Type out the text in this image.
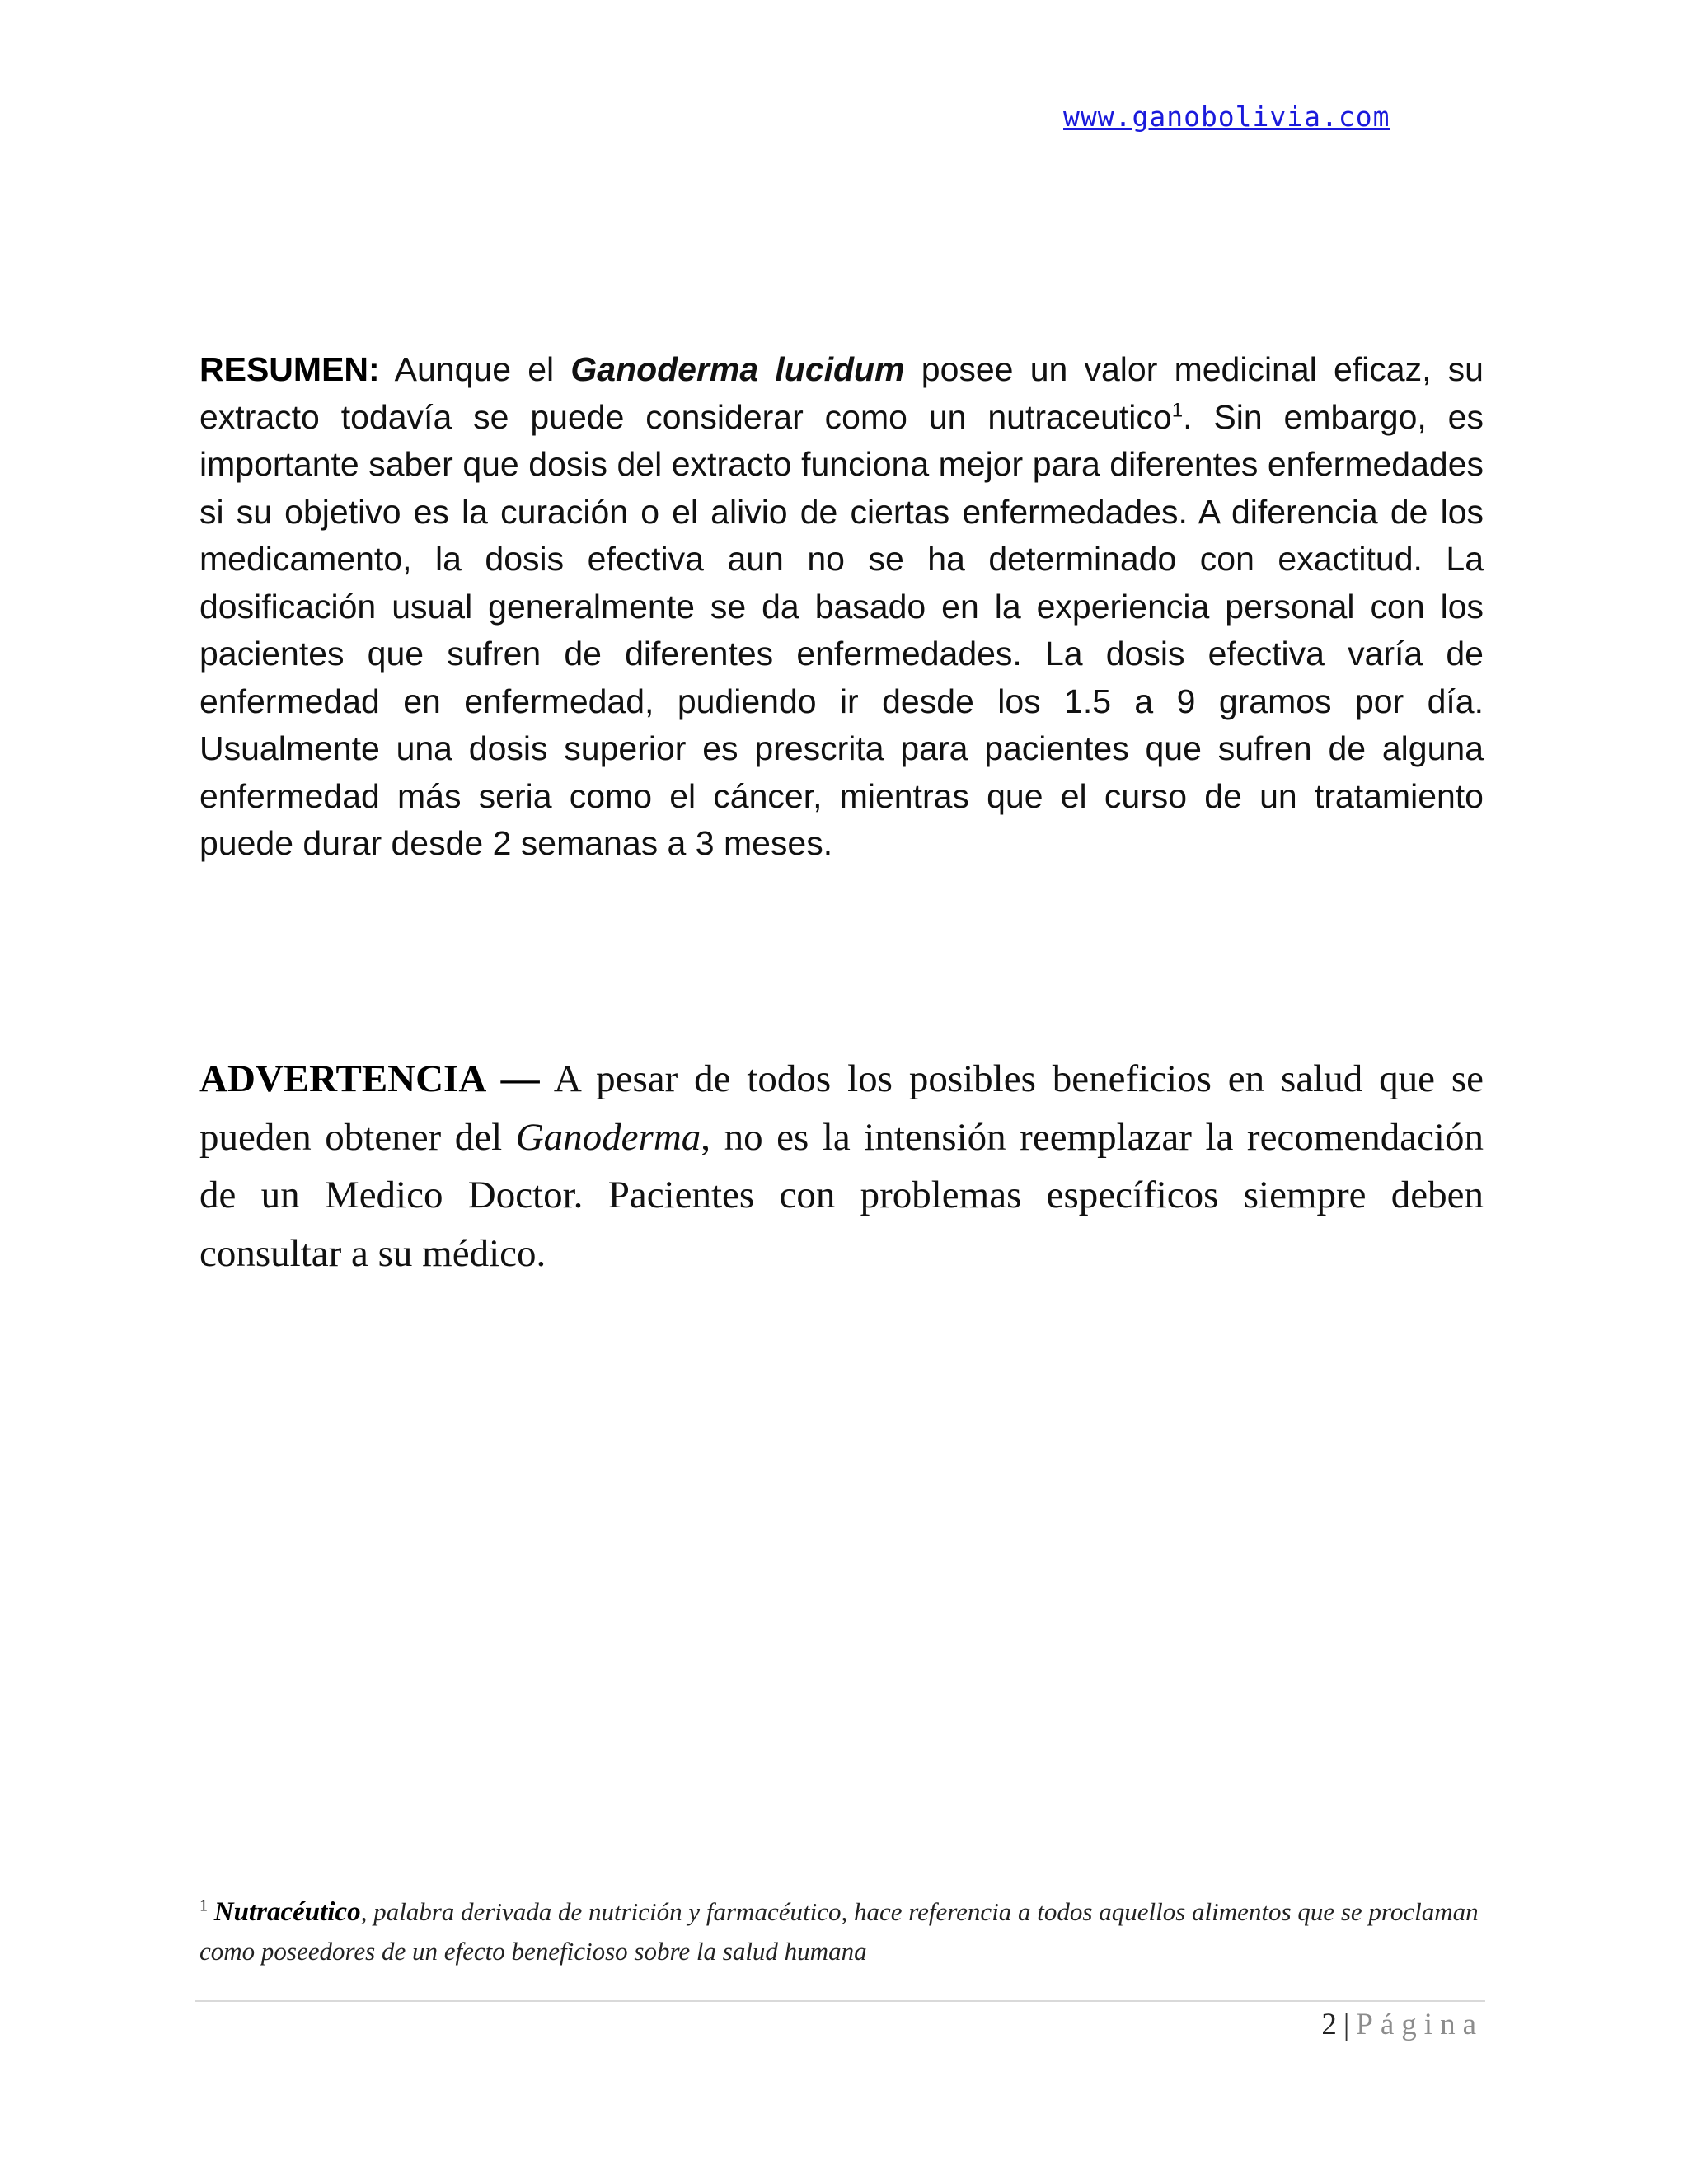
www.ganobolivia.com

RESUMEN: Aunque el Ganoderma lucidum posee un valor medicinal eficaz, su extracto todavía se puede considerar como un nutraceutico$^1$. Sin embargo, es importante saber que dosis del extracto funciona mejor para diferentes enfermedades si su objetivo es la curación o el alivio de ciertas enfermedades. A diferencia de los medicamento, la dosis efectiva aun no se ha determinado con exactitud. La dosificación usual generalmente se da basado en la experiencia personal con los pacientes que sufren de diferentes enfermedades. La dosis efectiva varía de enfermedad en enfermedad, pudiendo ir desde los 1.5 a 9 gramos por día. Usualmente una dosis superior es prescrita para pacientes que sufren de alguna enfermedad más seria como el cáncer, mientras que el curso de un tratamiento puede durar desde 2 semanas a 3 meses.

ADVERTENCIA — A pesar de todos los posibles beneficios en salud que se pueden obtener del Ganoderma, no es la intensión reemplazar la recomendación de un Medico Doctor. Pacientes con problemas específicos siempre deben consultar a su médico.

$^1$ Nutracéutico, palabra derivada de nutrición y farmacéutico, hace referencia a todos aquellos alimentos que se proclaman como poseedores de un efecto beneficioso sobre la salud humana

2 | Página
